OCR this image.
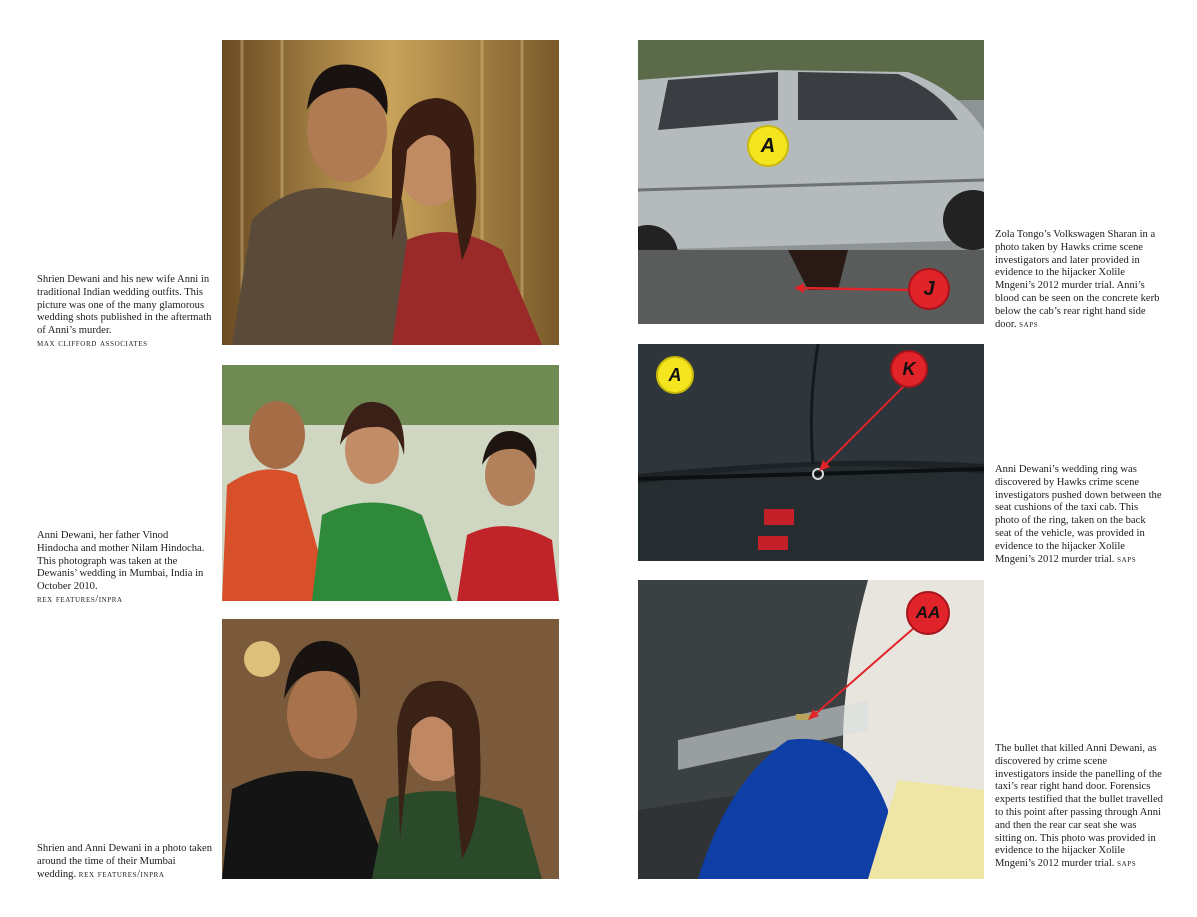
Shrien Dewani and his new wife Anni in traditional Indian wedding outfits. This picture was one of the many glamorous wedding shots published in the aftermath of Anni’s murder.
max clifford associates
Anni Dewani, her father Vinod Hindocha and mother Nilam Hindocha. This photograph was taken at the Dewanis’ wedding in Mumbai, India in October 2010.
rex features/inpra
Shrien and Anni Dewani in a photo taken around the time of their Mumbai wedding. rex features/inpra
A
J
A	K
AA
Zola Tongo’s Volkswagen Sharan in a photo taken by Hawks crime scene investigators and later provided in evidence to the hijacker Xolile Mngeni’s 2012 murder trial. Anni’s blood can be seen on the concrete kerb below the cab’s rear right hand side door. saps
Anni Dewani’s wedding ring was discovered by Hawks crime scene investigators pushed down between the seat cushions of the taxi cab. This photo of the ring, taken on the back seat of the vehicle, was provided in evidence to the hijacker Xolile Mngeni’s 2012 murder trial. saps
The bullet that killed Anni Dewani, as discovered by crime scene investigators inside the panelling of the taxi’s rear right hand door. Forensics experts testified that the bullet travelled to this point after passing through Anni and then the rear car seat she was sitting on. This photo was provided in evidence to the hijacker Xolile Mngeni’s 2012 murder trial. saps
